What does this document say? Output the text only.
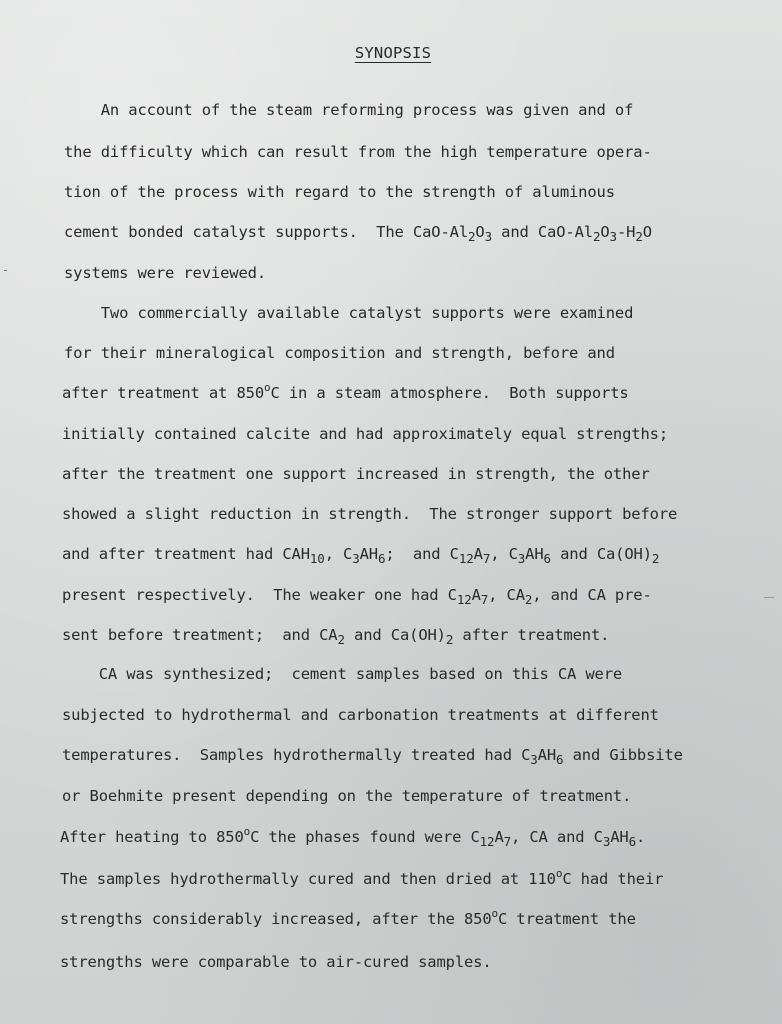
SYNOPSIS
An account of the steam reforming process was given and of
the difficulty which can result from the high temperature opera-
tion of the process with regard to the strength of aluminous
cement bonded catalyst supports.  The CaO-$Al_2O_3$ and CaO-$Al_2O_3-H_2O$
systems were reviewed.
Two commercially available catalyst supports were examined
for their mineralogical composition and strength, before and
after treatment at 850$^o$C in a steam atmosphere.  Both supports
initially contained calcite and had approximately equal strengths;
after the treatment one support increased in strength, the other
showed a slight reduction in strength.  The stronger support before
and after treatment had $CAH_{10}$, $C_3AH_6$;  and $C_{12}A_7$, $C_3AH_6$ and $Ca(OH)_2$
present respectively.  The weaker one had $C_{12}A_7$, $CA_2$, and CA pre-
sent before treatment;  and $CA_2$ and $Ca(OH)_2$ after treatment.
CA was synthesized;  cement samples based on this CA were
subjected to hydrothermal and carbonation treatments at different
temperatures.  Samples hydrothermally treated had $C_3AH_6$ and Gibbsite
or Boehmite present depending on the temperature of treatment.
After heating to 850$^o$C the phases found were $C_{12}A_7$, CA and $C_3AH_6$.
The samples hydrothermally cured and then dried at 110$^o$C had their
strengths considerably increased, after the 850$^o$C treatment the
strengths were comparable to air-cured samples.
